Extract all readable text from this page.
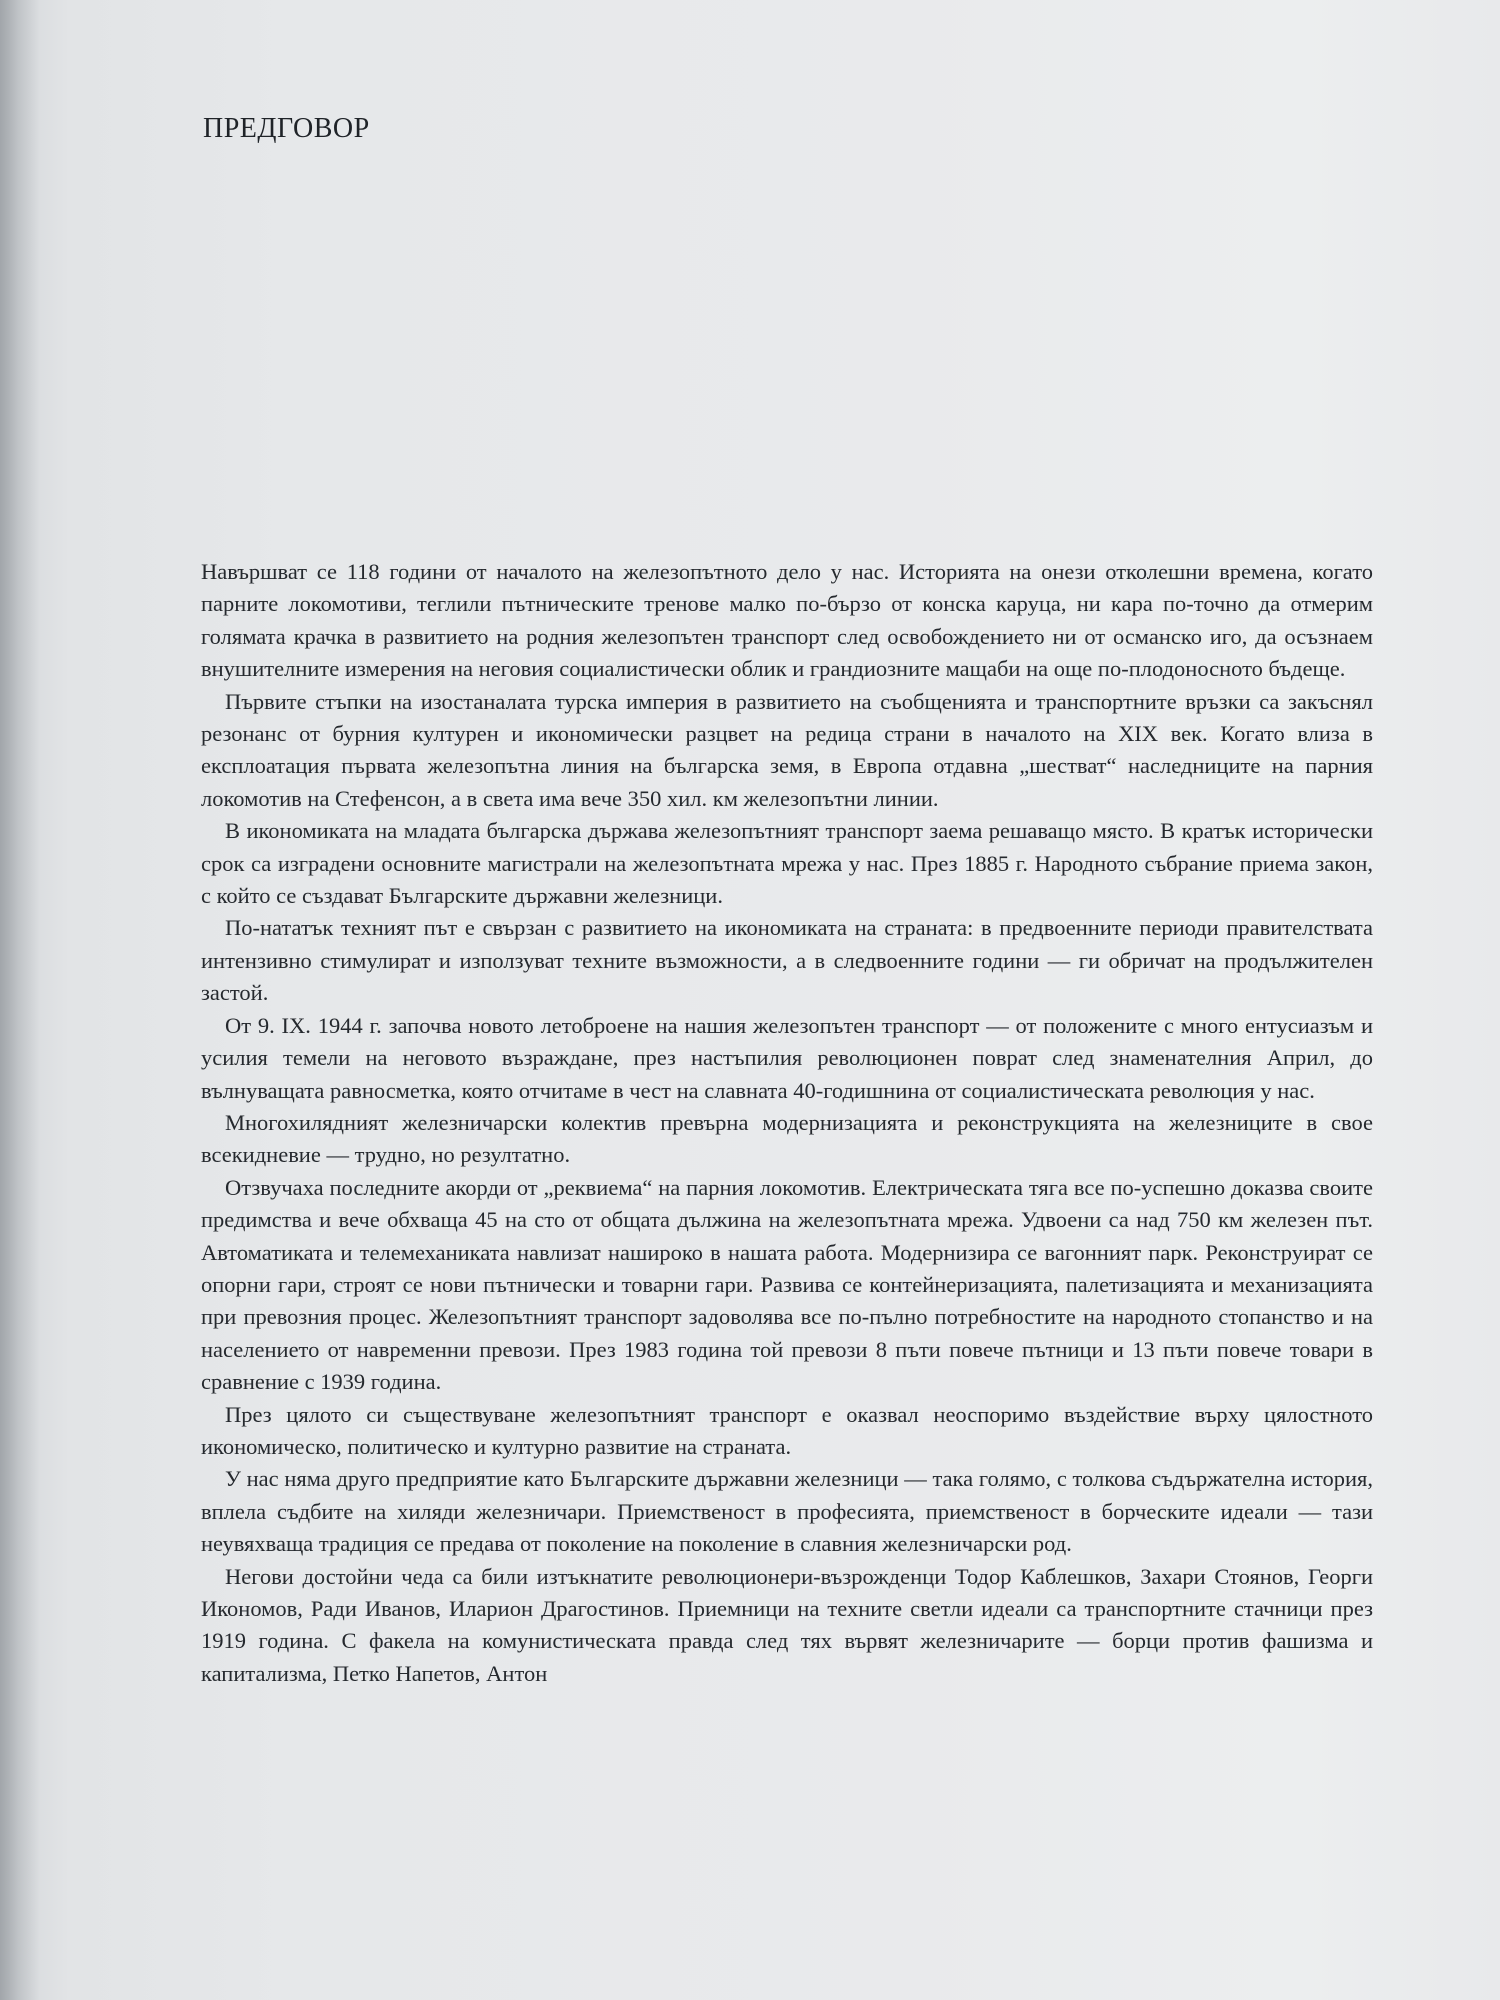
ПРЕДГОВОР

Навършват се 118 години от началото на железопътното дело у нас. Историята на онези отколешни времена, когато парните локомотиви, теглили пътническите тренове малко по-бързо от конска каруца, ни кара по-точно да отмерим голямата крачка в развитието на родния железопътен транспорт след освобождението ни от османско иго, да осъзнаем внушителните измерения на неговия социалистически облик и грандиозните мащаби на още по-плодоносното бъдеще.

Първите стъпки на изостаналата турска империя в развитието на съобщенията и транспортните връзки са закъснял резонанс от бурния културен и икономически разцвет на редица страни в началото на XIX век. Когато влиза в експлоатация първата железопътна линия на българска земя, в Европа отдавна „шестват“ наследниците на парния локомотив на Стефенсон, а в света има вече 350 хил. км железопътни линии.

В икономиката на младата българска държава железопътният транспорт заема решаващо място. В кратък исторически срок са изградени основните магистрали на железопътната мрежа у нас. През 1885 г. Народното събрание приема закон, с който се създават Българските държавни железници.

По-нататък техният път е свързан с развитието на икономиката на страната: в предвоенните периоди правителствата интензивно стимулират и използуват техните възможности, а в следвоенните години — ги обричат на продължителен застой.

От 9. IX. 1944 г. започва новото летоброене на нашия железопътен транспорт — от положените с много ентусиазъм и усилия темели на неговото възраждане, през настъпилия революционен поврат след знаменателния Април, до вълнуващата равносметка, която отчитаме в чест на славната 40-годишнина от социалистическата революция у нас.

Многохилядният железничарски колектив превърна модернизацията и реконструкцията на железниците в свое всекидневие — трудно, но резултатно.

Отзвучаха последните акорди от „реквиема“ на парния локомотив. Електрическата тяга все по-успешно доказва своите предимства и вече обхваща 45 на сто от общата дължина на железопътната мрежа. Удвоени са над 750 км железен път. Автоматиката и телемеханиката навлизат нашироко в нашата работа. Модернизира се вагонният парк. Реконструират се опорни гари, строят се нови пътнически и товарни гари. Развива се контейнеризацията, палетизацията и механизацията при превозния процес. Железопътният транспорт задоволява все по-пълно потребностите на народното стопанство и на населението от навременни превози. През 1983 година той превози 8 пъти повече пътници и 13 пъти повече товари в сравнение с 1939 година.

През цялото си съществуване железопътният транспорт е оказвал неоспоримо въздействие върху цялостното икономическо, политическо и културно развитие на страната.

У нас няма друго предприятие като Българските държавни железници — така голямо, с толкова съдържателна история, вплела съдбите на хиляди железничари. Приемственост в професията, приемственост в борческите идеали — тази неувяхваща традиция се предава от поколение на поколение в славния железничарски род.

Негови достойни чеда са били изтъкнатите революционери-възрожденци Тодор Каблешков, Захари Стоянов, Георги Икономов, Ради Иванов, Иларион Драгостинов. Приемници на техните светли идеали са транспортните стачници през 1919 година. С факела на комунистическата правда след тях вървят железничарите — борци против фашизма и капитализма, Петко Напетов, Антон
